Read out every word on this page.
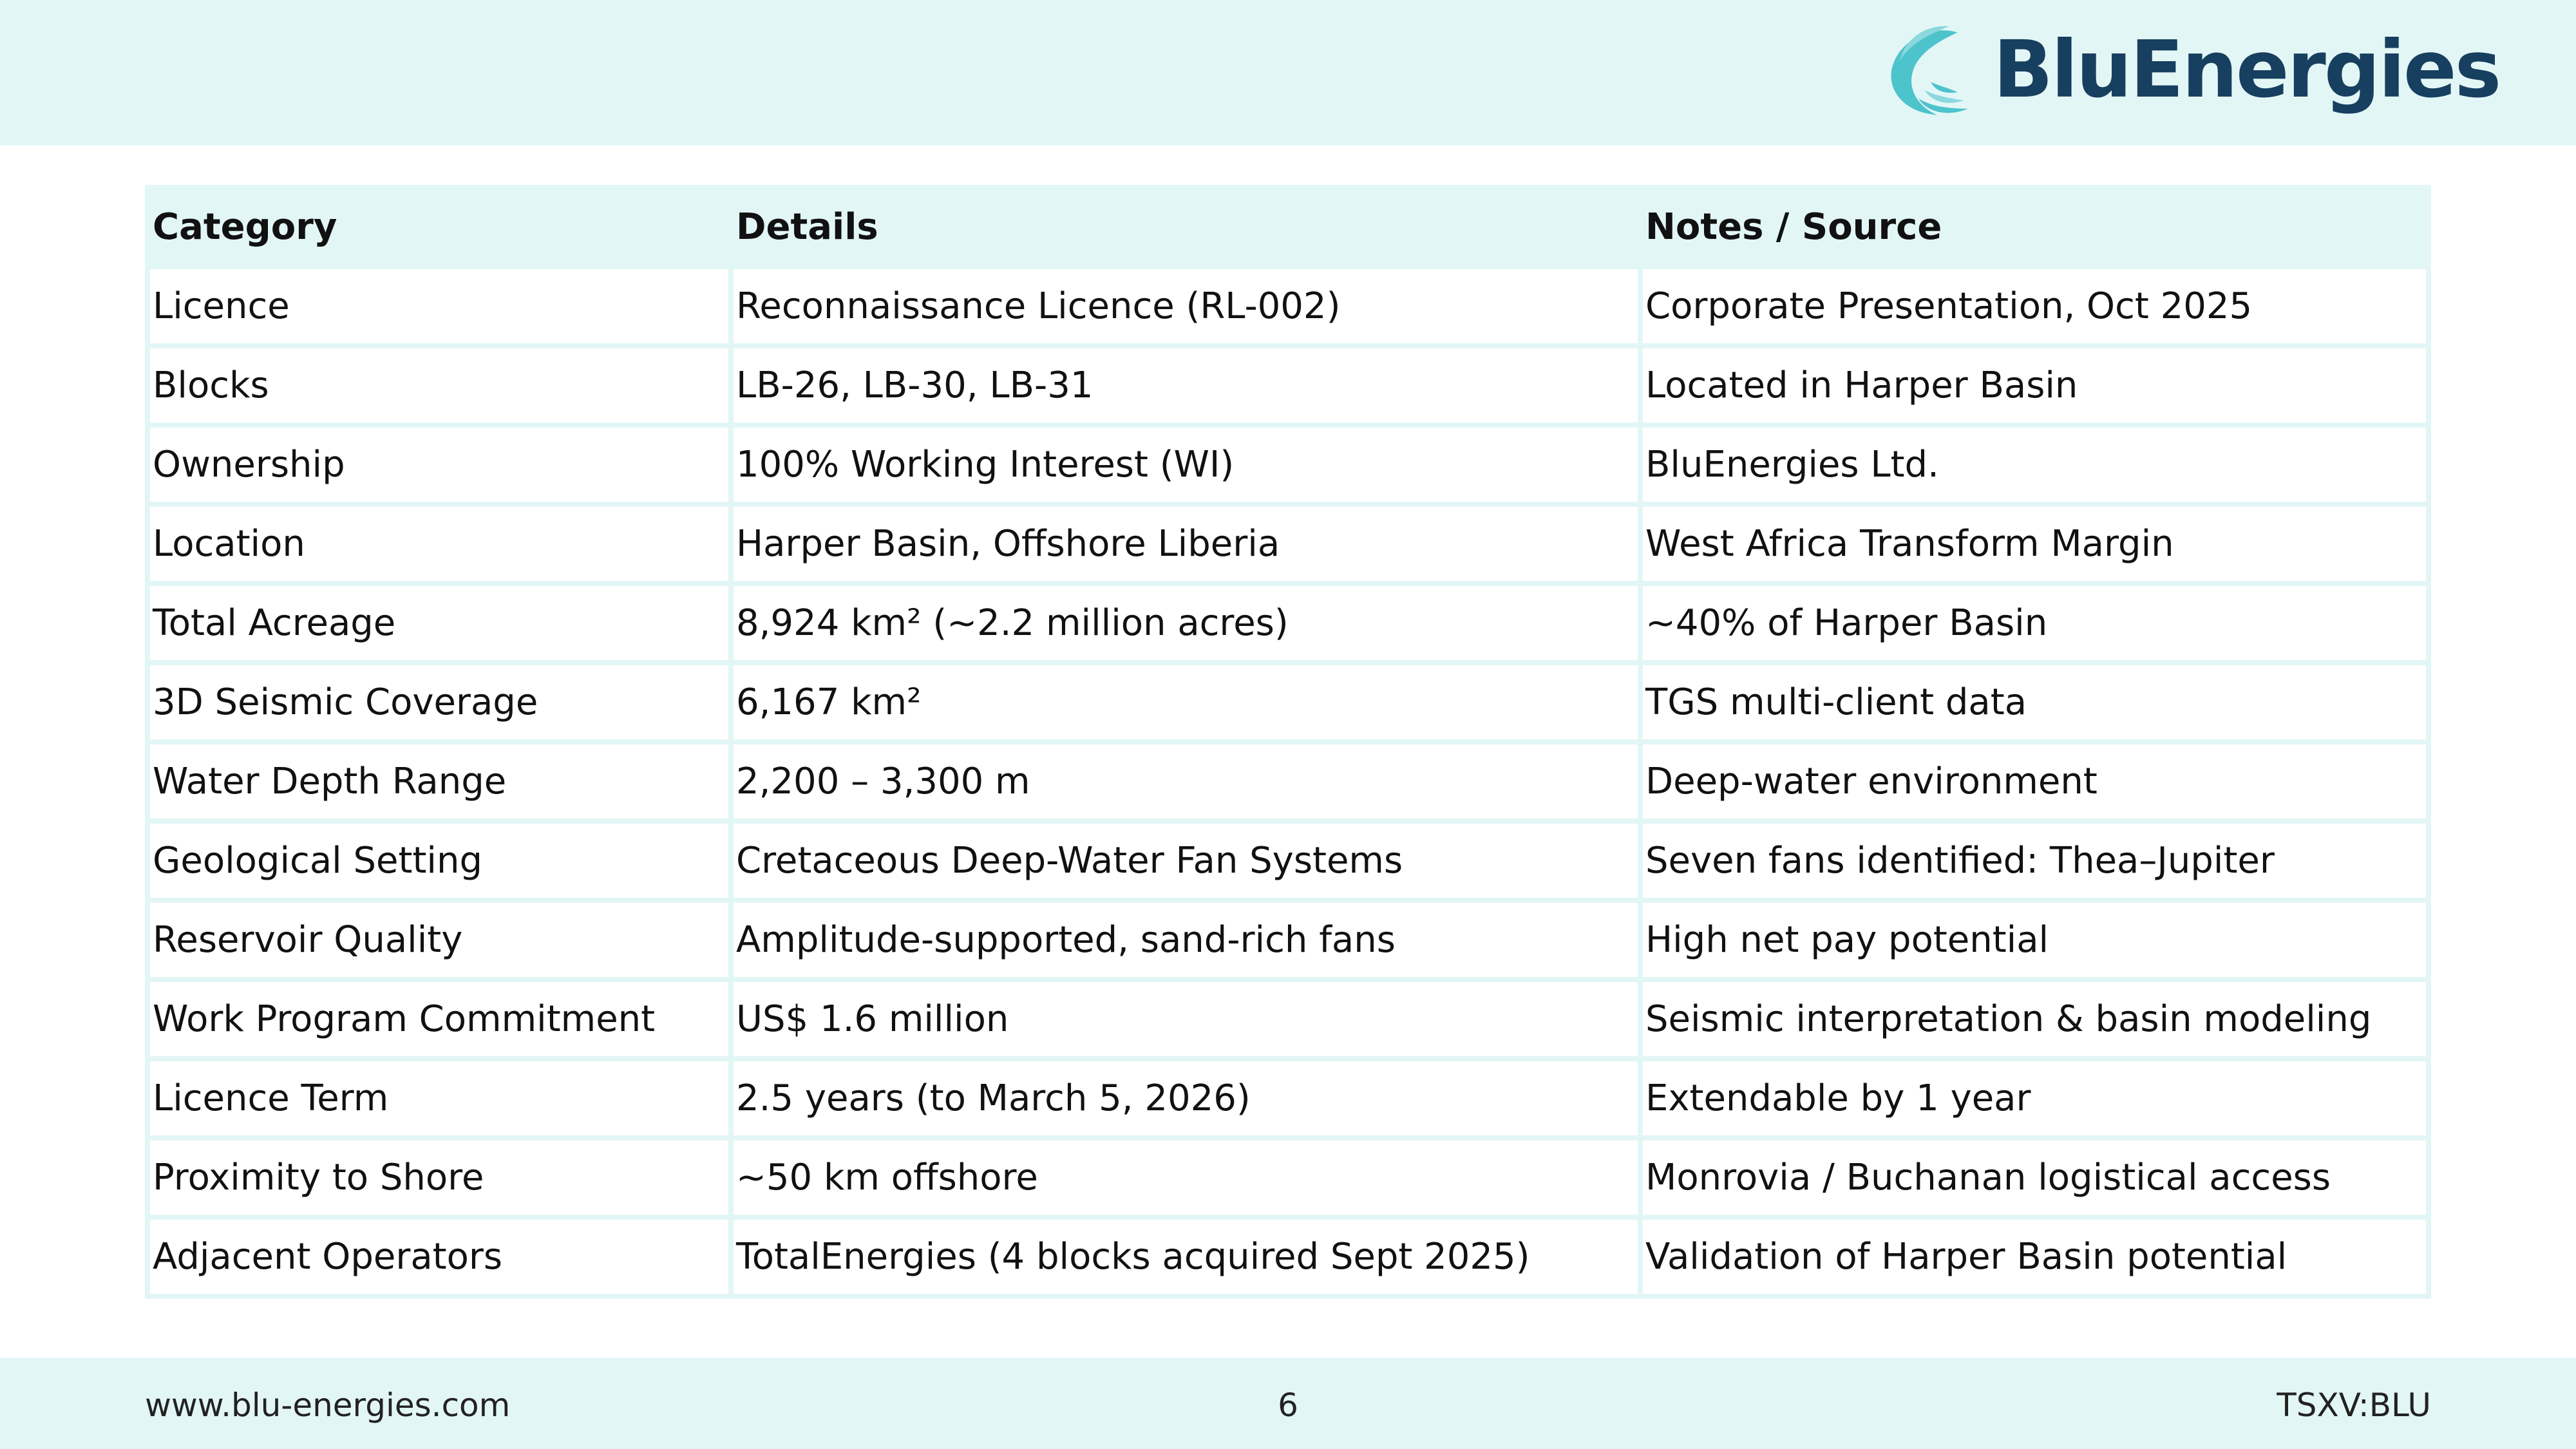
BluEnergies
Category	Details	Notes / Source
Licence	Reconnaissance Licence (RL-002)	Corporate Presentation, Oct 2025
Blocks	LB-26, LB-30, LB-31	Located in Harper Basin
Ownership	100% Working Interest (WI)	BluEnergies Ltd.
Location	Harper Basin, Offshore Liberia	West Africa Transform Margin
Total Acreage	8,924 km² (~2.2 million acres)	~40% of Harper Basin
3D Seismic Coverage	6,167 km²	TGS multi-client data
Water Depth Range	2,200 – 3,300 m	Deep-water environment
Geological Setting	Cretaceous Deep-Water Fan Systems	Seven fans identified: Thea–Jupiter
Reservoir Quality	Amplitude-supported, sand-rich fans	High net pay potential
Work Program Commitment	US$ 1.6 million	Seismic interpretation & basin modeling
Licence Term	2.5 years (to March 5, 2026)	Extendable by 1 year
Proximity to Shore	~50 km offshore	Monrovia / Buchanan logistical access
Adjacent Operators	TotalEnergies (4 blocks acquired Sept 2025)	Validation of Harper Basin potential
www.blu-energies.com	6	TSXV:BLU
